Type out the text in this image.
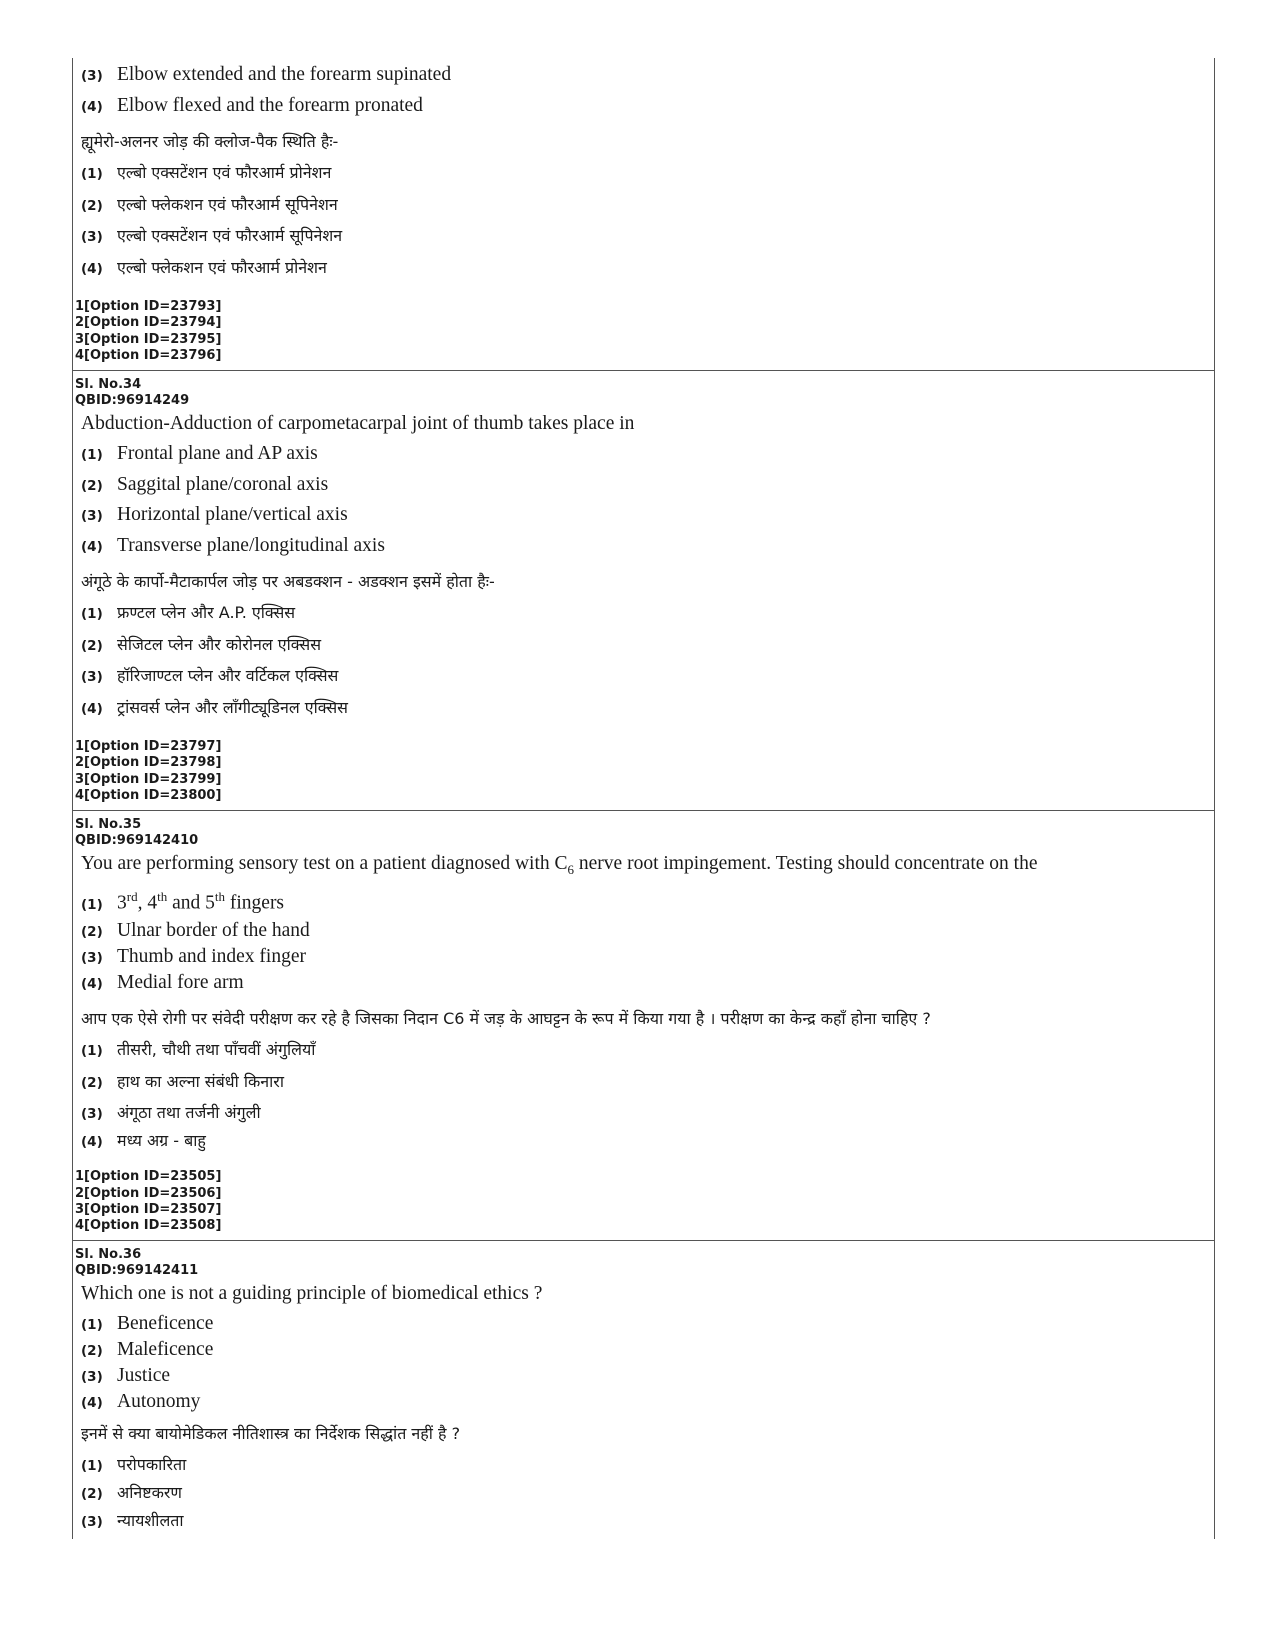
(3) Elbow extended and the forearm supinated
(4) Elbow flexed and the forearm pronated
ह्यूमेरो-अलनर जोड़ की क्लोज-पैक स्थिति हैः-
(1) एल्बो एक्सटेंशन एवं फौरआर्म प्रोनेशन
(2) एल्बो फ्लेकशन एवं फौरआर्म सूपिनेशन
(3) एल्बो एक्सटेंशन एवं फौरआर्म सूपिनेशन
(4) एल्बो फ्लेकशन एवं फौरआर्म प्रोनेशन
1[Option ID=23793]
2[Option ID=23794]
3[Option ID=23795]
4[Option ID=23796]
Sl. No.34
QBID:96914249
Abduction-Adduction of carpometacarpal joint of thumb takes place in
(1) Frontal plane and AP axis
(2) Saggital plane/coronal axis
(3) Horizontal plane/vertical axis
(4) Transverse plane/longitudinal axis
अंगूठे के कार्पो-मैटाकार्पल जोड़ पर अबडक्शन - अडक्शन इसमें होता हैः-
(1) फ्रण्टल प्लेन और A.P. एक्सिस
(2) सेजिटल प्लेन और कोरोनल एक्सिस
(3) हॉरिजाण्टल प्लेन और वर्टिकल एक्सिस
(4) ट्रांसवर्स प्लेन और लाँगीट्यूडिनल एक्सिस
1[Option ID=23797]
2[Option ID=23798]
3[Option ID=23799]
4[Option ID=23800]
Sl. No.35
QBID:969142410
You are performing sensory test on a patient diagnosed with $C_6$ nerve root impingement. Testing should concentrate on the
(1) 3rd, 4th and 5th fingers
(2) Ulnar border of the hand
(3) Thumb and index finger
(4) Medial fore arm
आप एक ऐसे रोगी पर संवेदी परीक्षण कर रहे है जिसका निदान C6 में जड़ के आघट्टन के रूप में किया गया है । परीक्षण का केन्द्र कहाँ होना चाहिए ?
(1) तीसरी, चौथी तथा पाँचवीं अंगुलियाँ
(2) हाथ का अल्ना संबंधी किनारा
(3) अंगूठा तथा तर्जनी अंगुली
(4) मध्य अग्र - बाहु
1[Option ID=23505]
2[Option ID=23506]
3[Option ID=23507]
4[Option ID=23508]
Sl. No.36
QBID:969142411
Which one is not a guiding principle of biomedical ethics ?
(1) Beneficence
(2) Maleficence
(3) Justice
(4) Autonomy
इनमें से क्या बायोमेडिकल नीतिशास्त्र का निर्देशक सिद्धांत नहीं है ?
(1) परोपकारिता
(2) अनिष्टकरण
(3) न्यायशीलता
